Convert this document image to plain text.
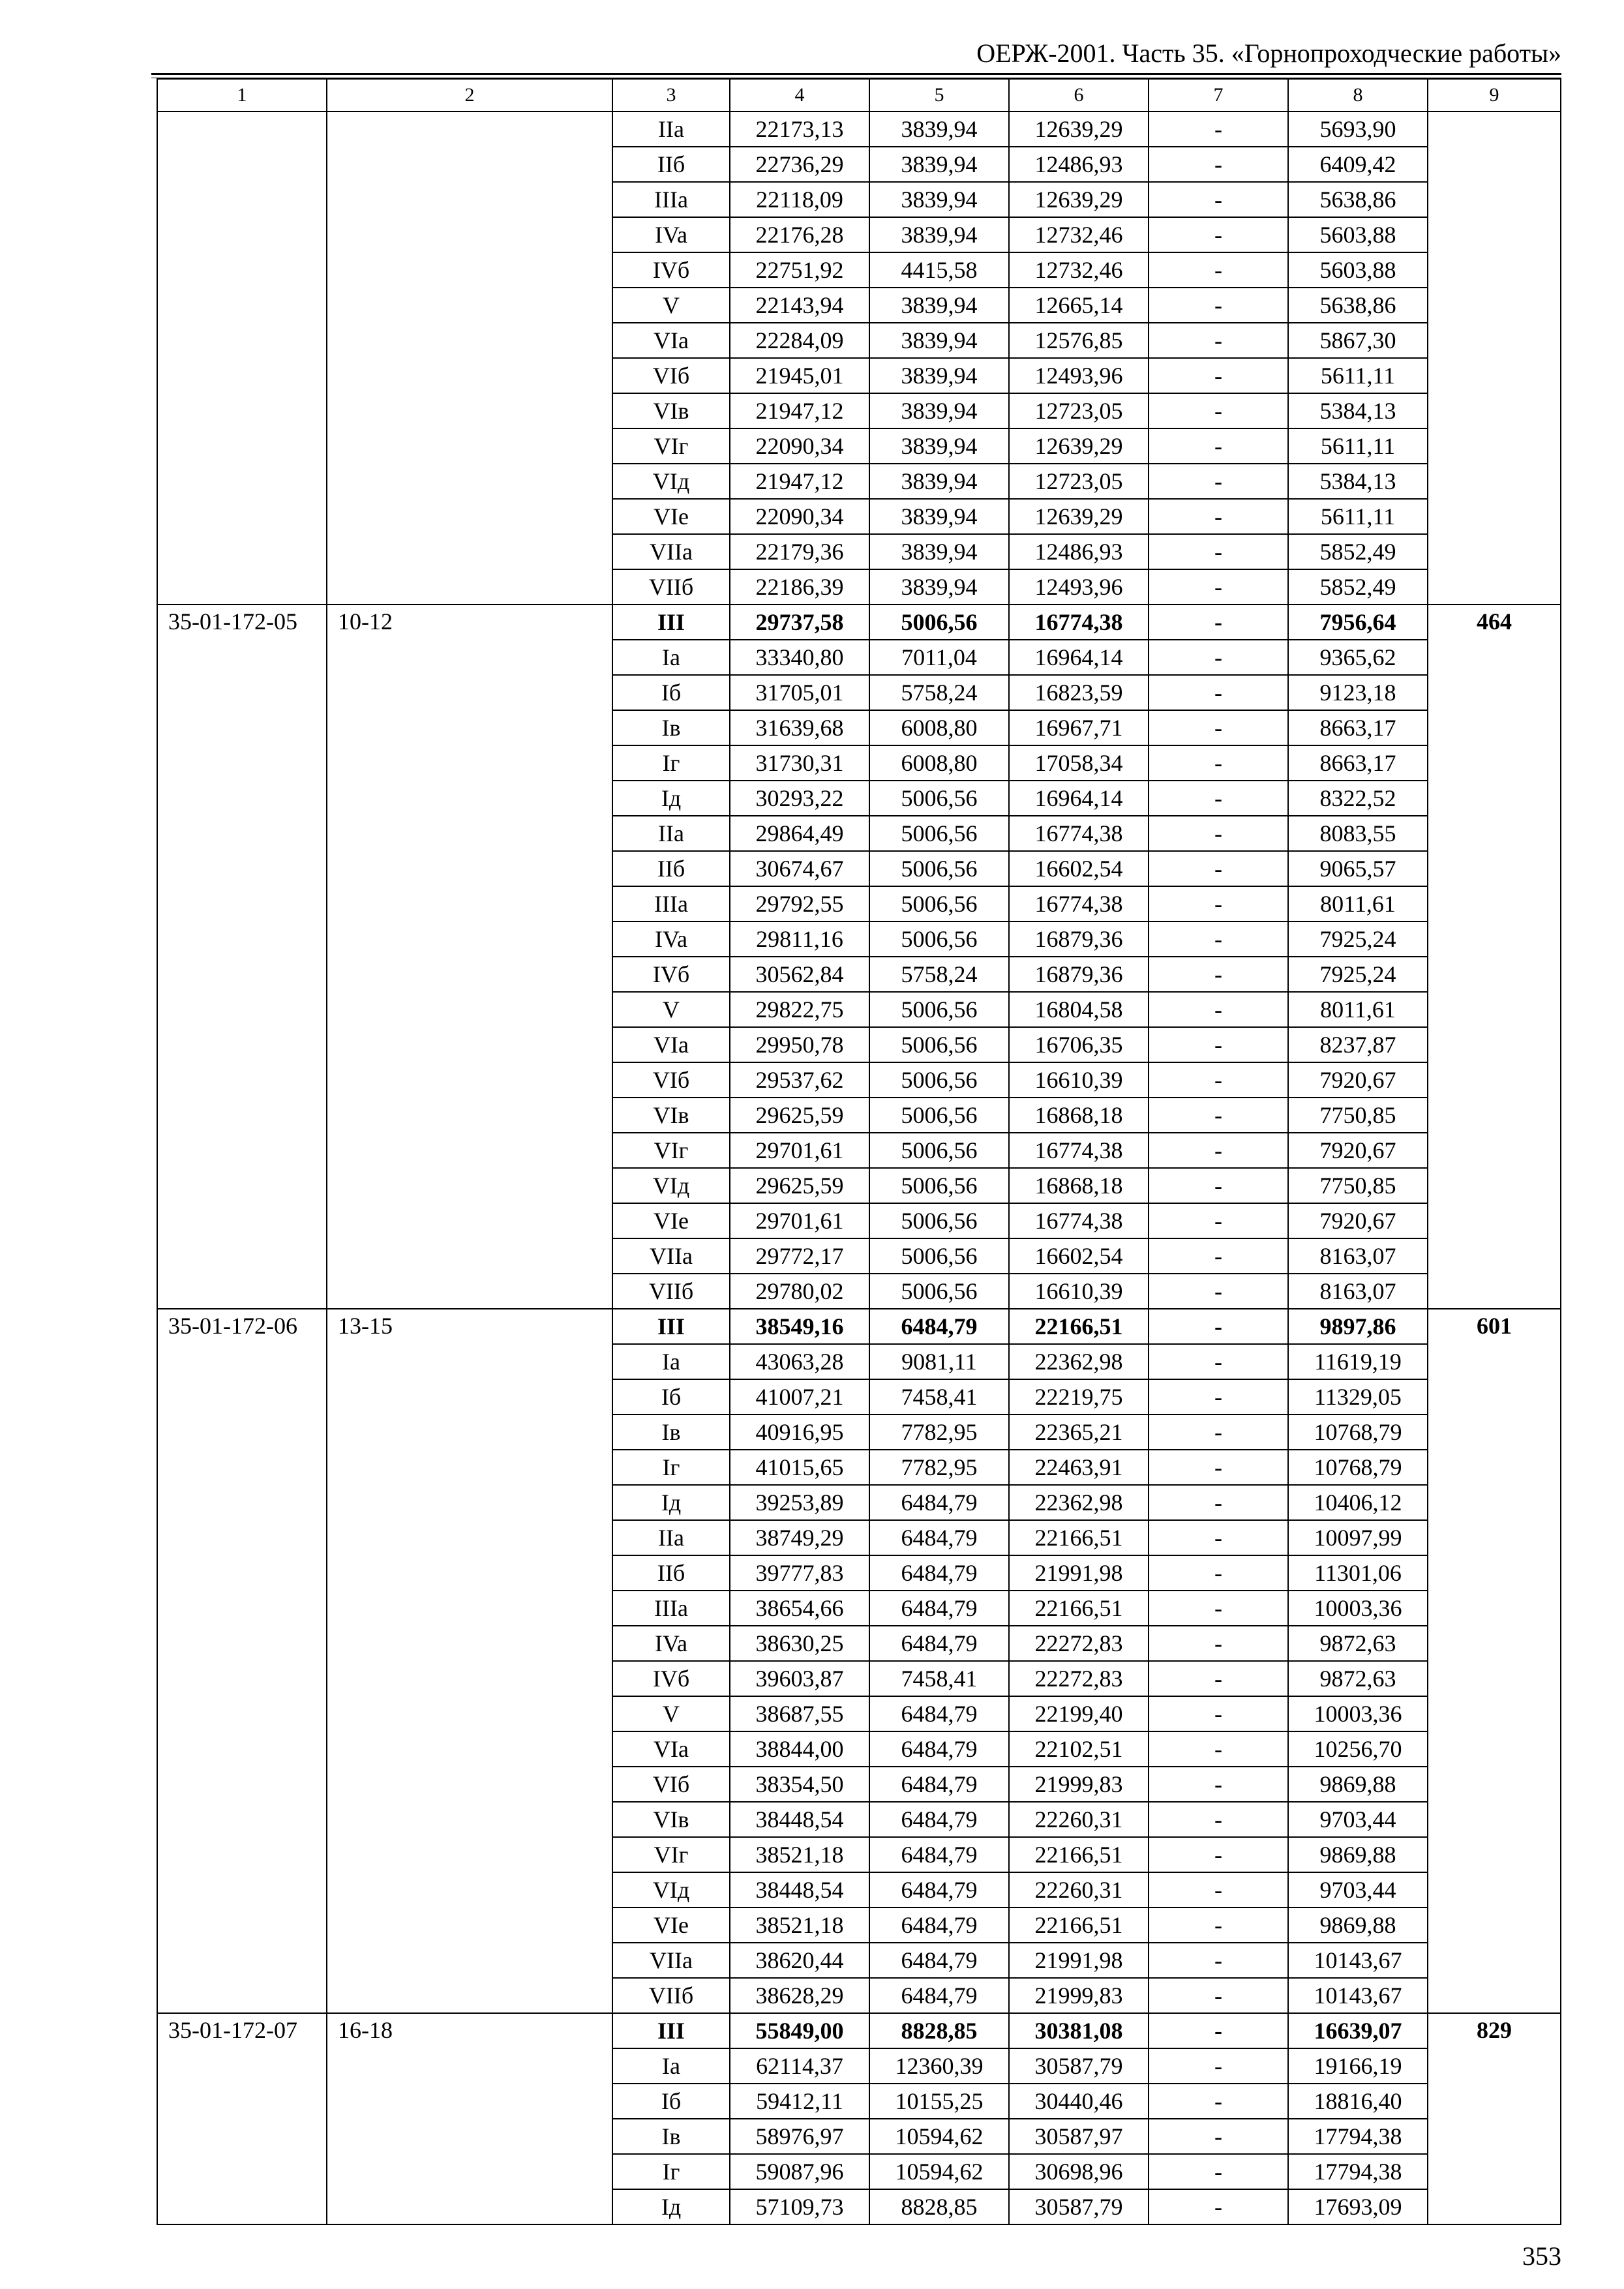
ОЕРЖ-2001. Часть 35. «Горнопроходческие работы»
1	2	3	4	5	6	7	8	9
		IIa	22173,13	3839,94	12639,29	-	5693,90	
		IIб	22736,29	3839,94	12486,93	-	6409,42	
		IIIa	22118,09	3839,94	12639,29	-	5638,86	
		IVa	22176,28	3839,94	12732,46	-	5603,88	
		IVб	22751,92	4415,58	12732,46	-	5603,88	
		V	22143,94	3839,94	12665,14	-	5638,86	
		VIa	22284,09	3839,94	12576,85	-	5867,30	
		VIб	21945,01	3839,94	12493,96	-	5611,11	
		VIв	21947,12	3839,94	12723,05	-	5384,13	
		VIг	22090,34	3839,94	12639,29	-	5611,11	
		VIд	21947,12	3839,94	12723,05	-	5384,13	
		VIe	22090,34	3839,94	12639,29	-	5611,11	
		VIIa	22179,36	3839,94	12486,93	-	5852,49	
		VIIб	22186,39	3839,94	12493,96	-	5852,49	
35-01-172-05	10-12	III	29737,58	5006,56	16774,38	-	7956,64	464
		Ia	33340,80	7011,04	16964,14	-	9365,62	
		Iб	31705,01	5758,24	16823,59	-	9123,18	
		Iв	31639,68	6008,80	16967,71	-	8663,17	
		Iг	31730,31	6008,80	17058,34	-	8663,17	
		Iд	30293,22	5006,56	16964,14	-	8322,52	
		IIa	29864,49	5006,56	16774,38	-	8083,55	
		IIб	30674,67	5006,56	16602,54	-	9065,57	
		IIIa	29792,55	5006,56	16774,38	-	8011,61	
		IVa	29811,16	5006,56	16879,36	-	7925,24	
		IVб	30562,84	5758,24	16879,36	-	7925,24	
		V	29822,75	5006,56	16804,58	-	8011,61	
		VIa	29950,78	5006,56	16706,35	-	8237,87	
		VIб	29537,62	5006,56	16610,39	-	7920,67	
		VIв	29625,59	5006,56	16868,18	-	7750,85	
		VIг	29701,61	5006,56	16774,38	-	7920,67	
		VIд	29625,59	5006,56	16868,18	-	7750,85	
		VIe	29701,61	5006,56	16774,38	-	7920,67	
		VIIa	29772,17	5006,56	16602,54	-	8163,07	
		VIIб	29780,02	5006,56	16610,39	-	8163,07	
35-01-172-06	13-15	III	38549,16	6484,79	22166,51	-	9897,86	601
		Ia	43063,28	9081,11	22362,98	-	11619,19	
		Iб	41007,21	7458,41	22219,75	-	11329,05	
		Iв	40916,95	7782,95	22365,21	-	10768,79	
		Iг	41015,65	7782,95	22463,91	-	10768,79	
		Iд	39253,89	6484,79	22362,98	-	10406,12	
		IIa	38749,29	6484,79	22166,51	-	10097,99	
		IIб	39777,83	6484,79	21991,98	-	11301,06	
		IIIa	38654,66	6484,79	22166,51	-	10003,36	
		IVa	38630,25	6484,79	22272,83	-	9872,63	
		IVб	39603,87	7458,41	22272,83	-	9872,63	
		V	38687,55	6484,79	22199,40	-	10003,36	
		VIa	38844,00	6484,79	22102,51	-	10256,70	
		VIб	38354,50	6484,79	21999,83	-	9869,88	
		VIв	38448,54	6484,79	22260,31	-	9703,44	
		VIг	38521,18	6484,79	22166,51	-	9869,88	
		VIд	38448,54	6484,79	22260,31	-	9703,44	
		VIe	38521,18	6484,79	22166,51	-	9869,88	
		VIIa	38620,44	6484,79	21991,98	-	10143,67	
		VIIб	38628,29	6484,79	21999,83	-	10143,67	
35-01-172-07	16-18	III	55849,00	8828,85	30381,08	-	16639,07	829
		Ia	62114,37	12360,39	30587,79	-	19166,19	
		Iб	59412,11	10155,25	30440,46	-	18816,40	
		Iв	58976,97	10594,62	30587,97	-	17794,38	
		Iг	59087,96	10594,62	30698,96	-	17794,38	
		Iд	57109,73	8828,85	30587,79	-	17693,09	
353
